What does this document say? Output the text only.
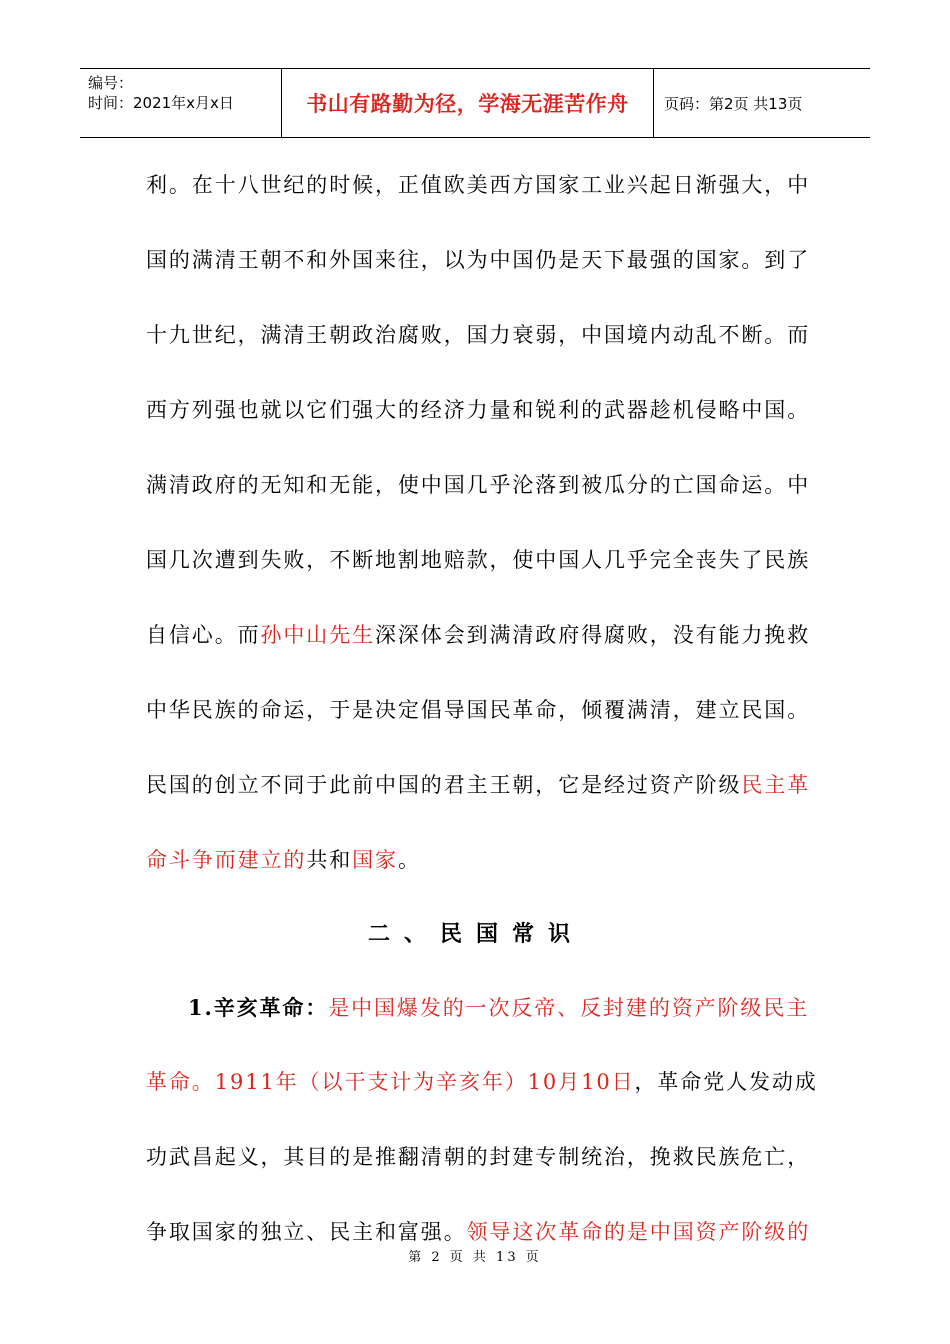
编号：
时间：2021年x月x日	书山有路勤为径，学海无涯苦作舟	页码：第2页 共13页
利。在十八世纪的时候，正值欧美西方国家工业兴起日渐强大，中
国的满清王朝不和外国来往，以为中国仍是天下最强的国家。到了
十九世纪，满清王朝政治腐败，国力衰弱，中国境内动乱不断。而
西方列强也就以它们强大的经济力量和锐利的武器趁机侵略中国。
满清政府的无知和无能，使中国几乎沦落到被瓜分的亡国命运。中
国几次遭到失败，不断地割地赔款，使中国人几乎完全丧失了民族
自信心。而孙中山先生深深体会到满清政府得腐败，没有能力挽救
中华民族的命运，于是决定倡导国民革命，倾覆满清，建立民国。
民国的创立不同于此前中国的君主王朝，它是经过资产阶级民主革
命斗争而建立的共和国家。
二、民国常识
1.辛亥革命：是中国爆发的一次反帝、反封建的资产阶级民主
革命。1911年（以干支计为辛亥年）10月10日，革命党人发动成
功武昌起义，其目的是推翻清朝的封建专制统治，挽救民族危亡，
争取国家的独立、民主和富强。领导这次革命的是中国资产阶级的
第 2 页 共 13 页
